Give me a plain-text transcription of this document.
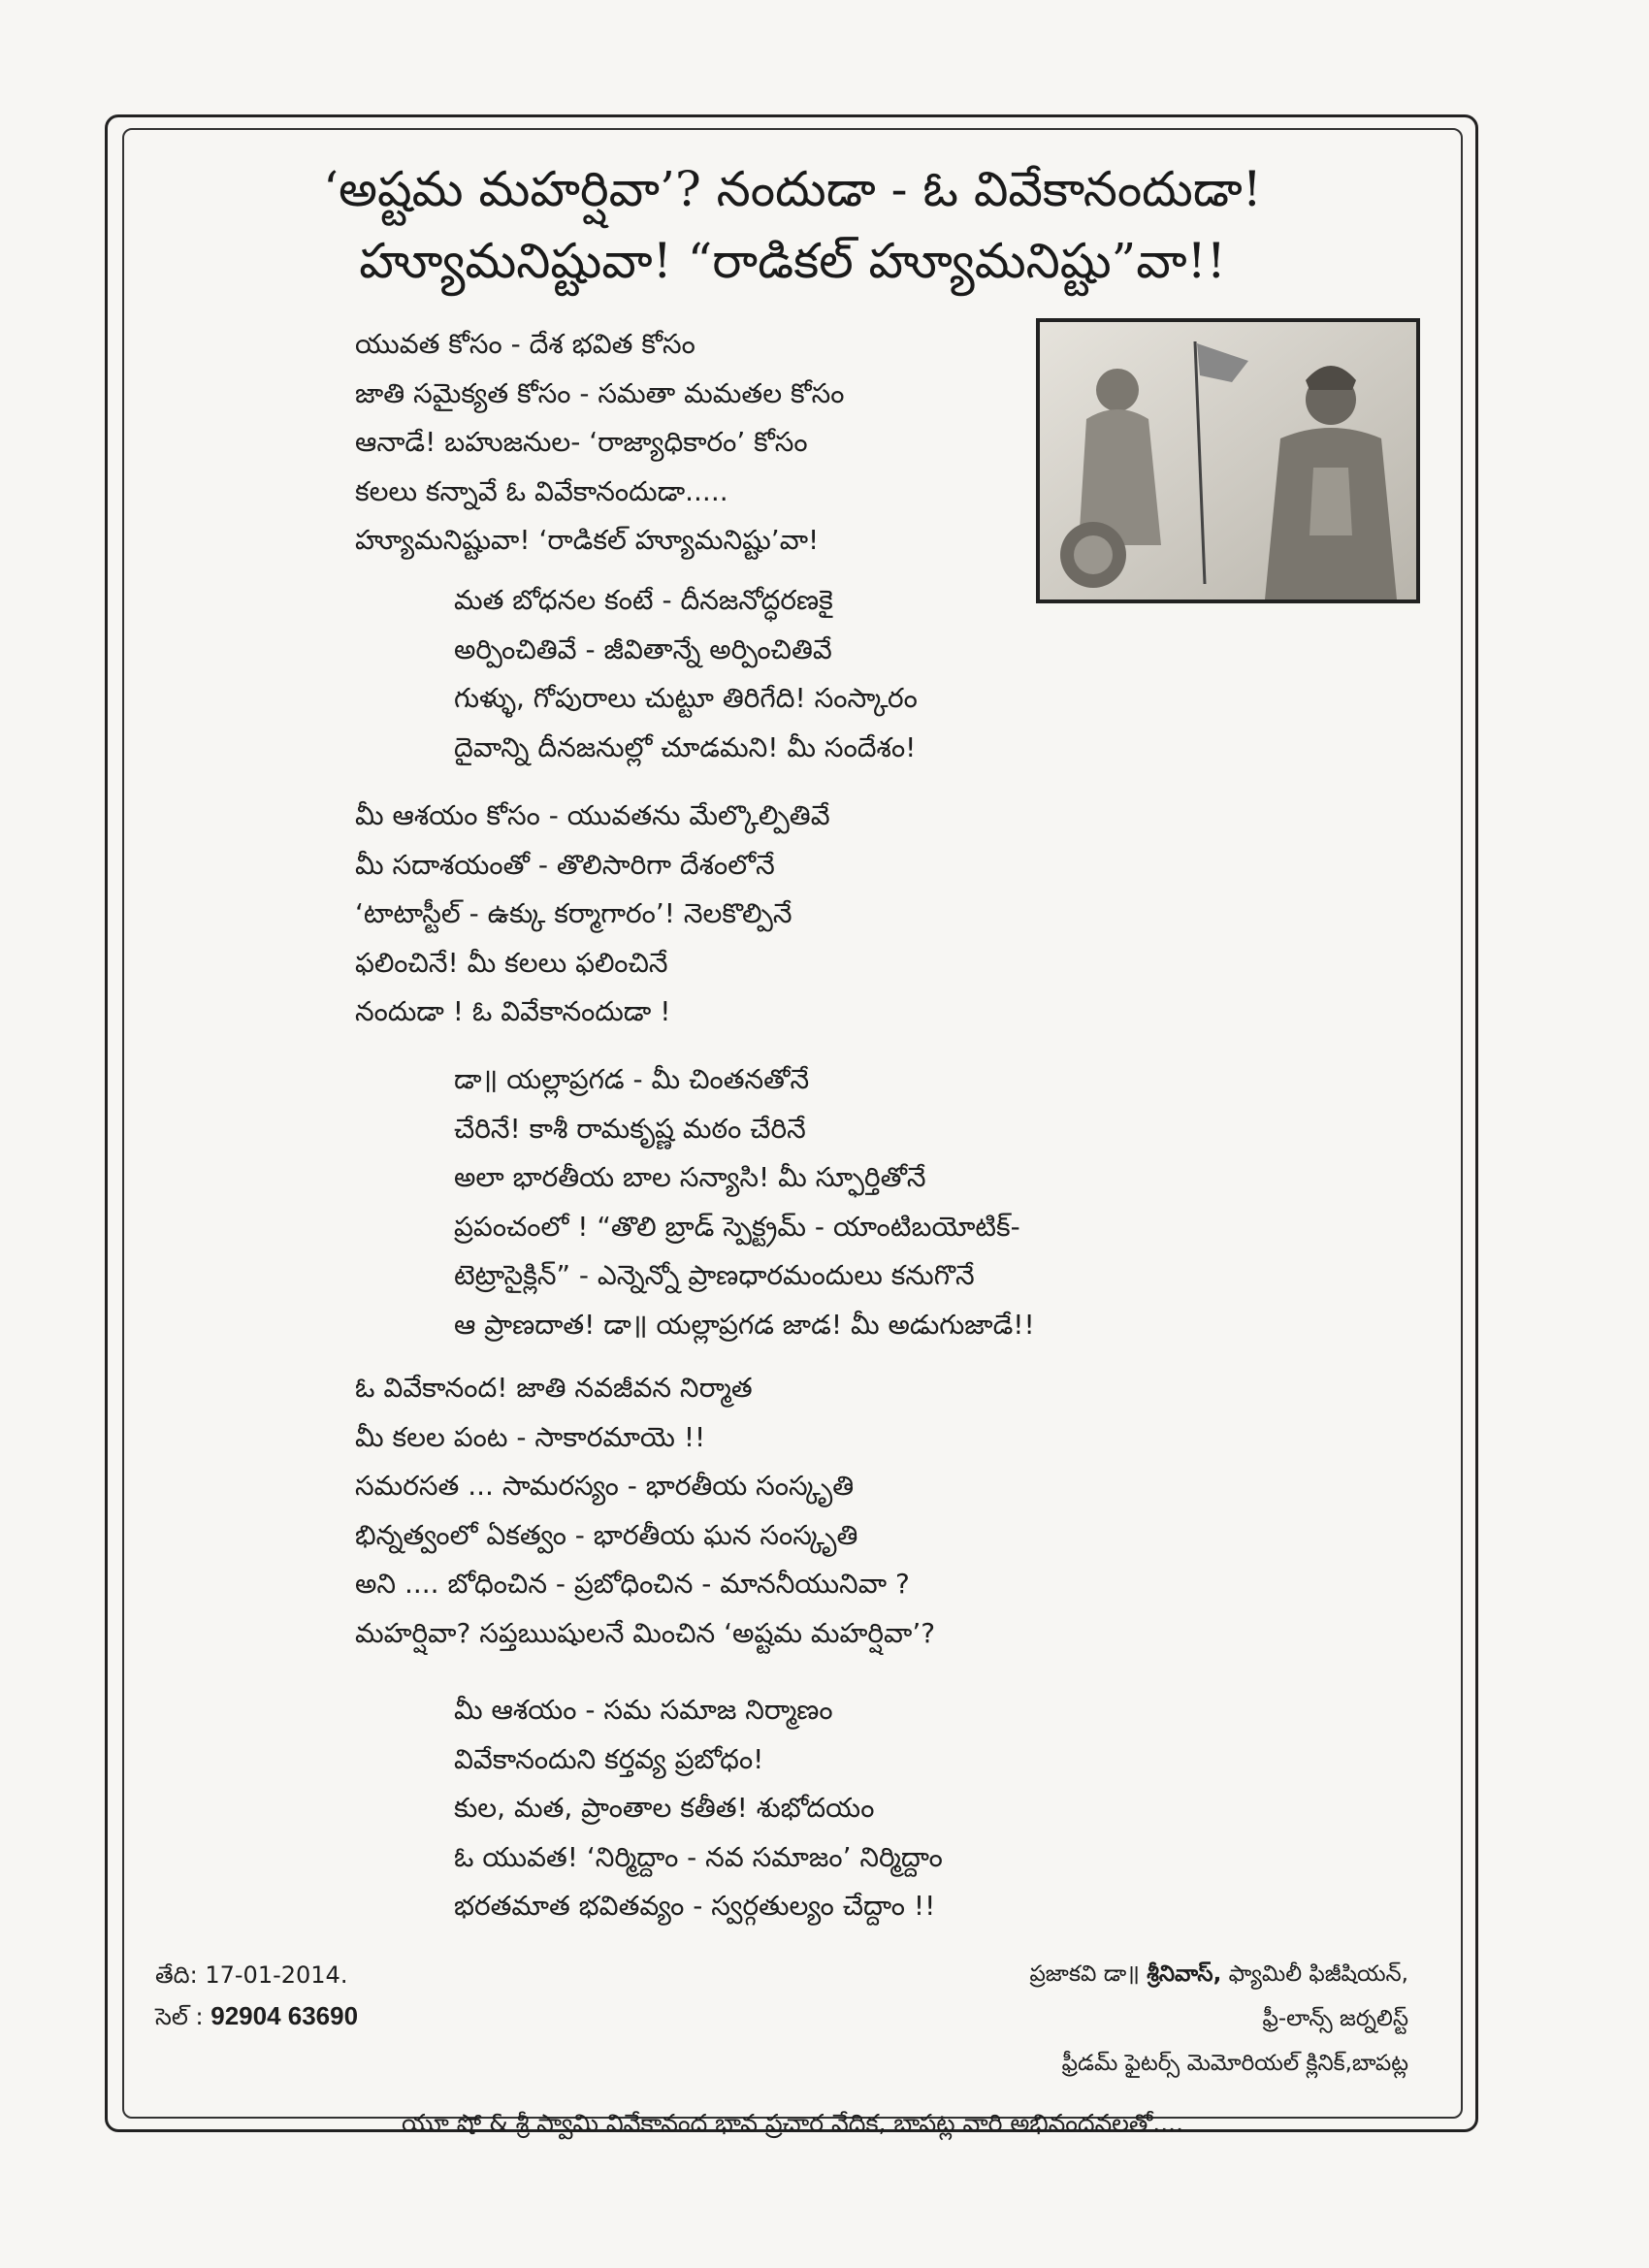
‘అష్టమ మహర్షివా’? నందుడా - ఓ వివేకానందుడా!
హ్యూమనిష్టువా! “రాడికల్ హ్యూమనిష్టు”వా!!
యువత కోసం - దేశ భవిత కోసం
జాతి సమైక్యత కోసం - సమతా మమతల కోసం
ఆనాడే! బహుజనుల- ‘రాజ్యాధికారం’ కోసం
కలలు కన్నావే ఓ వివేకానందుడా.....
హ్యూమనిష్టువా! ‘రాడికల్ హ్యూమనిష్టు’వా!
మత బోధనల కంటే - దీనజనోద్ధరణకై
అర్పించితివే - జీవితాన్నే అర్పించితివే
గుళ్ళు, గోపురాలు చుట్టూ తిరిగేది! సంస్కారం
దైవాన్ని దీనజనుల్లో చూడమని! మీ సందేశం!
మీ ఆశయం కోసం - యువతను మేల్కొల్పితివే
మీ సదాశయంతో - తొలిసారిగా దేశంలోనే
‘టాటాస్టీల్ - ఉక్కు కర్మాగారం’! నెలకొల్పినే
ఫలించినే! మీ కలలు ఫలించినే
నందుడా ! ఓ వివేకానందుడా !
డా॥ యల్లాప్రగడ - మీ చింతనతోనే
చేరినే! కాశీ రామకృష్ణ మఠం చేరినే
అలా భారతీయ బాల సన్యాసి! మీ స్ఫూర్తితోనే
ప్రపంచంలో ! “తొలి బ్రాడ్ స్పెక్ట్రమ్ - యాంటిబయోటిక్-
టెట్రాసైక్లిన్” - ఎన్నెన్నో ప్రాణధారమందులు కనుగొనే
ఆ ప్రాణదాత! డా॥ యల్లాప్రగడ జాడ! మీ అడుగుజాడే!!
ఓ వివేకానంద! జాతి నవజీవన నిర్మాత
మీ కలల పంట - సాకారమాయె !!
సమరసత ... సామరస్యం - భారతీయ సంస్కృతి
భిన్నత్వంలో ఏకత్వం - భారతీయ ఘన సంస్కృతి
అని .... బోధించిన - ప్రబోధించిన - మాననీయునివా ?
మహర్షివా? సప్తఋషులనే మించిన ‘అష్టమ మహర్షివా’?
మీ ఆశయం - సమ సమాజ నిర్మాణం
వివేకానందుని కర్తవ్య ప్రబోధం!
కుల, మత, ప్రాంతాల కతీత! శుభోదయం
ఓ యువత! ‘నిర్మిద్దాం - నవ సమాజం’ నిర్మిద్దాం
భరతమాత భవితవ్యం - స్వర్గతుల్యం చేద్దాం !!
తేది: 17-01-2014.
సెల్ : 92904 63690
ప్రజాకవి డా॥ శ్రీనివాస్, ఫ్యామిలీ ఫిజీషియన్,
ఫ్రీ-లాన్స్ జర్నలిస్ట్
ఫ్రీడమ్ ఫైటర్స్ మెమోరియల్ క్లినిక్,బాపట్ల
యూ షో & శ్రీ స్వామి వివేకానంద భావ ప్రచార వేదిక, బాపట్ల వారి అభినందనలతో....
